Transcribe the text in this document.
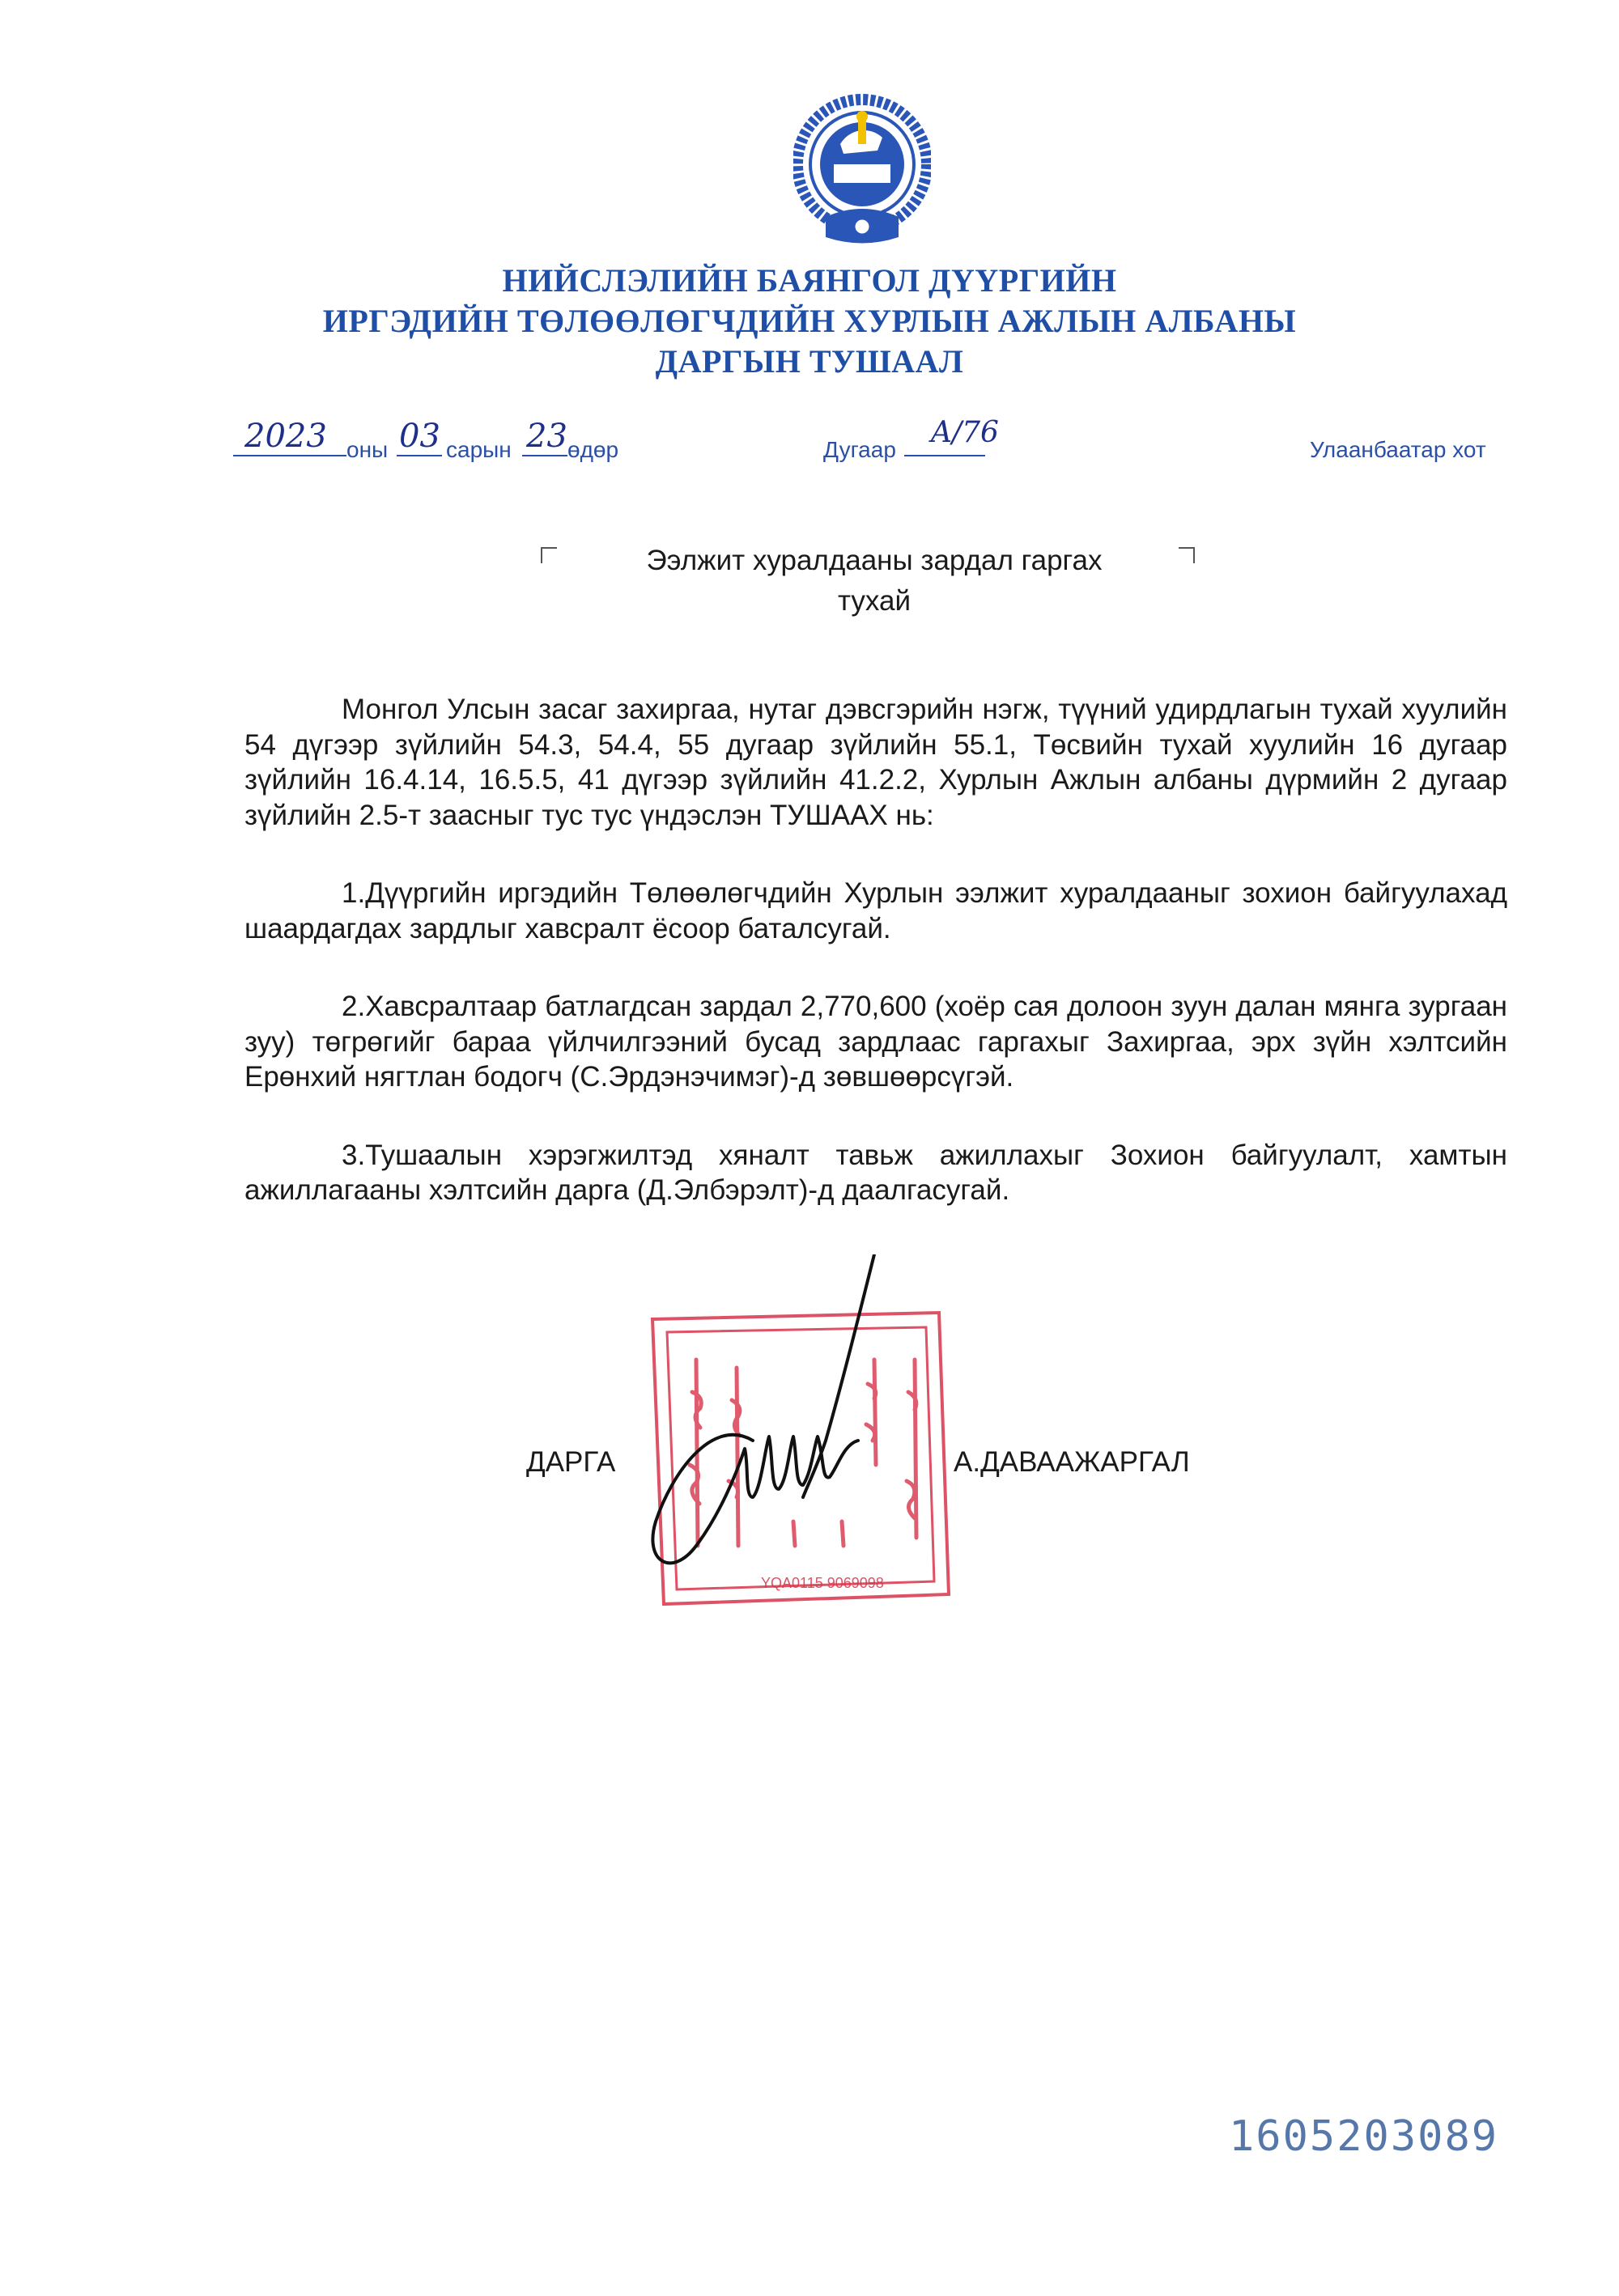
НИЙСЛЭЛИЙН БАЯНГОЛ ДҮҮРГИЙН
ИРГЭДИЙН ТӨЛӨӨЛӨГЧДИЙН ХУРЛЫН АЖЛЫН АЛБАНЫ
ДАРГЫН ТУШААЛ
2023 оны 03 сарын 23 өдөр	Дугаар
A/76
Улаанбаатар хот
Ээлжит хуралдааны зардал гаргах
тухай

Монгол Улсын засаг захиргаа, нутаг дэвсгэрийн нэгж, түүний удирдлагын тухай хуулийн 54 дүгээр зүйлийн 54.3, 54.4, 55 дугаар зүйлийн 55.1, Төсвийн тухай хуулийн 16 дугаар зүйлийн 16.4.14, 16.5.5, 41 дүгээр зүйлийн 41.2.2, Хурлын Ажлын албаны дүрмийн 2 дугаар зүйлийн 2.5-т заасныг тус тус үндэслэн ТУШААХ нь:

1.Дүүргийн иргэдийн Төлөөлөгчдийн Хурлын ээлжит хуралдааныг зохион байгуулахад шаардагдах зардлыг хавсралт ёсоор баталсугай.

2.Хавсралтаар батлагдсан зардал 2,770,600 (хоёр сая долоон зуун далан мянга зургаан зуу) төгрөгийг бараа үйлчилгээний бусад зардлаас гаргахыг Захиргаа, эрх зүйн хэлтсийн Ерөнхий нягтлан бодогч (С.Эрдэнэчимэг)-д зөвшөөрсүгэй.

3.Тушаалын хэрэгжилтэд хяналт тавьж ажиллахыг Зохион байгуулалт, хамтын ажиллагааны хэлтсийн дарга (Д.Элбэрэлт)-д даалгасугай.

YQA0115 9069098
ДАРГА	А.ДАВААЖАРГАЛ
1605203089
